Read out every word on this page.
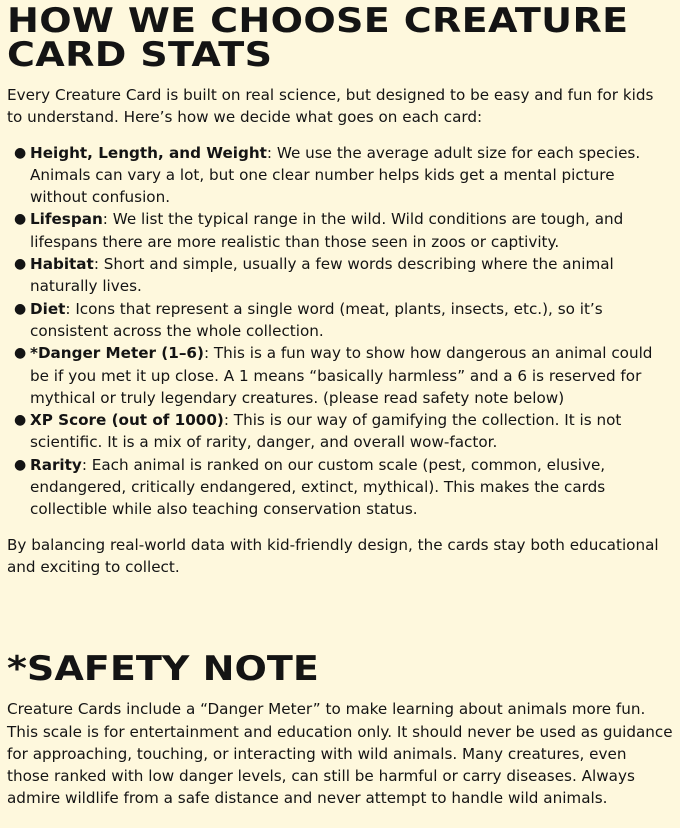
HOW WE CHOOSE CREATURE
CARD STATS

Every Creature Card is built on real science, but designed to be easy and fun for kids to understand. Here’s how we decide what goes on each card:

● Height, Length, and Weight: We use the average adult size for each species. Animals can vary a lot, but one clear number helps kids get a mental picture without confusion.
● Lifespan: We list the typical range in the wild. Wild conditions are tough, and lifespans there are more realistic than those seen in zoos or captivity.
● Habitat: Short and simple, usually a few words describing where the animal naturally lives.
● Diet: Icons that represent a single word (meat, plants, insects, etc.), so it’s consistent across the whole collection.
● *Danger Meter (1–6): This is a fun way to show how dangerous an animal could be if you met it up close. A 1 means “basically harmless” and a 6 is reserved for mythical or truly legendary creatures. (please read safety note below)
● XP Score (out of 1000): This is our way of gamifying the collection. It is not scientific. It is a mix of rarity, danger, and overall wow-factor.
● Rarity: Each animal is ranked on our custom scale (pest, common, elusive, endangered, critically endangered, extinct, mythical). This makes the cards collectible while also teaching conservation status.

By balancing real-world data with kid-friendly design, the cards stay both educational and exciting to collect.

*SAFETY NOTE

Creature Cards include a “Danger Meter” to make learning about animals more fun. This scale is for entertainment and education only. It should never be used as guidance for approaching, touching, or interacting with wild animals. Many creatures, even those ranked with low danger levels, can still be harmful or carry diseases. Always admire wildlife from a safe distance and never attempt to handle wild animals.
